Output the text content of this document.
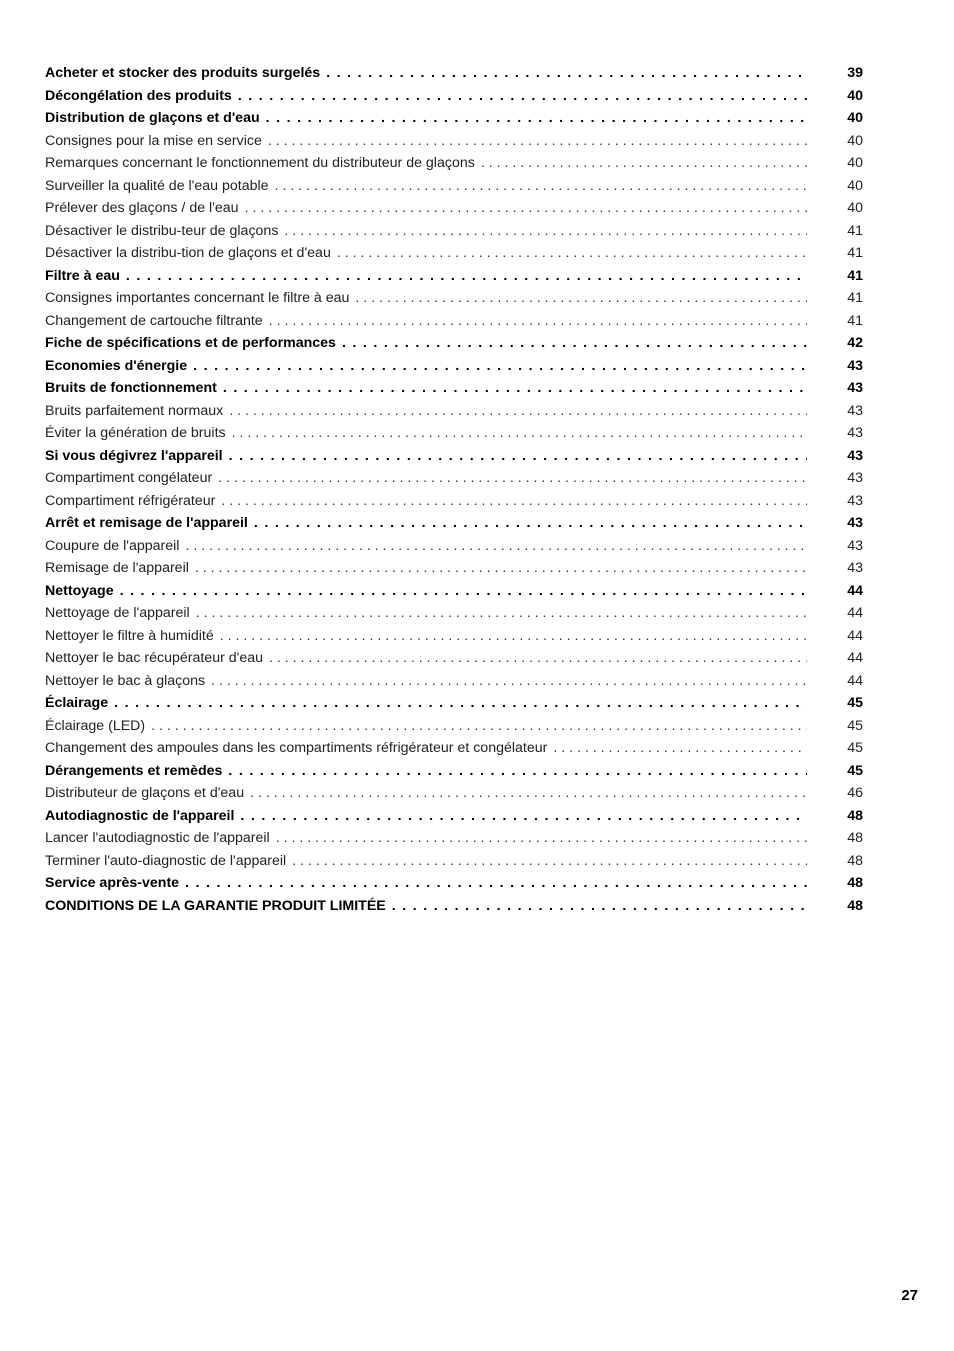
Acheter et stocker des produits surgelés . . .	39
Décongélation des produits . . .	40
Distribution de glaçons et d'eau . . .	40
Consignes pour la mise en service . . .	40
Remarques concernant le fonctionnement du distributeur de glaçons . . .	40
Surveiller la qualité de l'eau potable . . .	40
Prélever des glaçons / de l'eau . . .	40
Désactiver le distribu-teur de glaçons . . .	41
Désactiver la distribu-tion de glaçons et d'eau . . .	41
Filtre à eau . . .	41
Consignes importantes concernant le filtre à eau . . .	41
Changement de cartouche filtrante . . .	41
Fiche de spécifications et de performances . . .	42
Economies d'énergie . . .	43
Bruits de fonctionnement . . .	43
Bruits parfaitement normaux . . .	43
Éviter la génération de bruits . . .	43
Si vous dégivrez l'appareil . . .	43
Compartiment congélateur . . .	43
Compartiment réfrigérateur . . .	43
Arrêt et remisage de l'appareil . . .	43
Coupure de l'appareil . . .	43
Remisage de l'appareil . . .	43
Nettoyage . . .	44
Nettoyage de l'appareil . . .	44
Nettoyer le filtre à humidité . . .	44
Nettoyer le bac récupérateur d'eau . . .	44
Nettoyer le bac à glaçons . . .	44
Éclairage . . .	45
Éclairage (LED) . . .	45
Changement des ampoules dans les compartiments réfrigérateur et congélateur . . .	45
Dérangements et remèdes . . .	45
Distributeur de glaçons et d'eau . . .	46
Autodiagnostic de l'appareil . . .	48
Lancer l'autodiagnostic de l'appareil . . .	48
Terminer l'auto-diagnostic de l'appareil . . .	48
Service après-vente . . .	48
CONDITIONS DE LA GARANTIE PRODUIT LIMITÉE . . .	48
27
